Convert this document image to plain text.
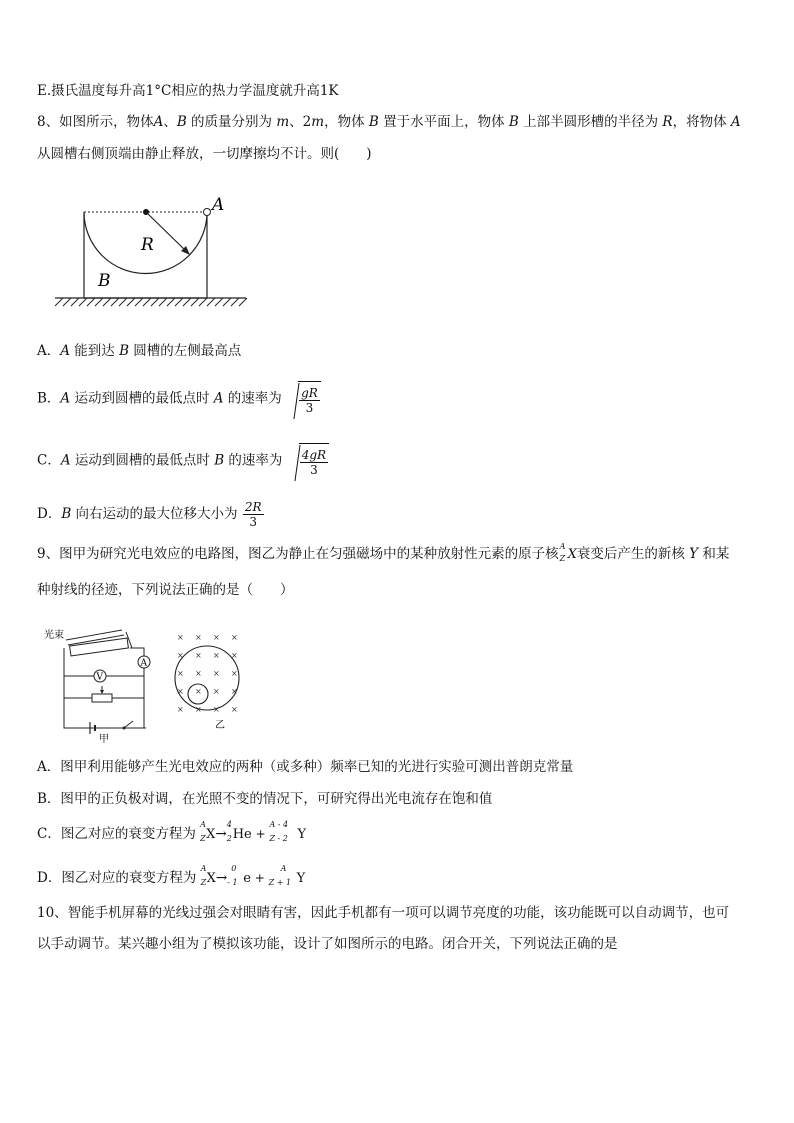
E.摄氏温度每升高1°C相应的热力学温度就升高1K
8、如图所示，物体A、B 的质量分别为 m、2m，物体 B 置于水平面上，物体 B 上部半圆形槽的半径为 R，将物体 A
从圆槽右侧顶端由静止释放，一切摩擦均不计。则(　　)
A
R
B
A．A 能到达 B 圆槽的左侧最高点
B．A 运动到圆槽的最低点时 A 的速率为 $\frac{gR}{3}$
C．A 运动到圆槽的最低点时 B 的速率为 $\frac{4gR}{3}$
D．B 向右运动的最大位移大小为 $\frac{2R}{3}$
9、图甲为研究光电效应的电路图，图乙为静止在匀强磁场中的某种放射性元素的原子核 A
Z X衰变后产生的新核 Y 和某
种射线的径迹，下列说法正确的是（　　）
光束
A
V
甲
× × × ×
× × × ×
× × × ×
× × × ×
× × × ×
乙
A．图甲利用能够产生光电效应的两种（或多种）频率已知的光进行实验可测出普朗克常量
B．图甲的正负极对调，在光照不变的情况下，可研究得出光电流存在饱和值
C．图乙对应的衰变方程为
A
Z X→
4
2 He +
A - 4
Z - 2 Y
D．图乙对应的衰变方程为
A
Z X→
0
- 1 e +
A
Z + 1 Y
10、智能手机屏幕的光线过强会对眼睛有害，因此手机都有一项可以调节亮度的功能，该功能既可以自动调节，也可
以手动调节。某兴趣小组为了模拟该功能，设计了如图所示的电路。闭合开关，下列说法正确的是
